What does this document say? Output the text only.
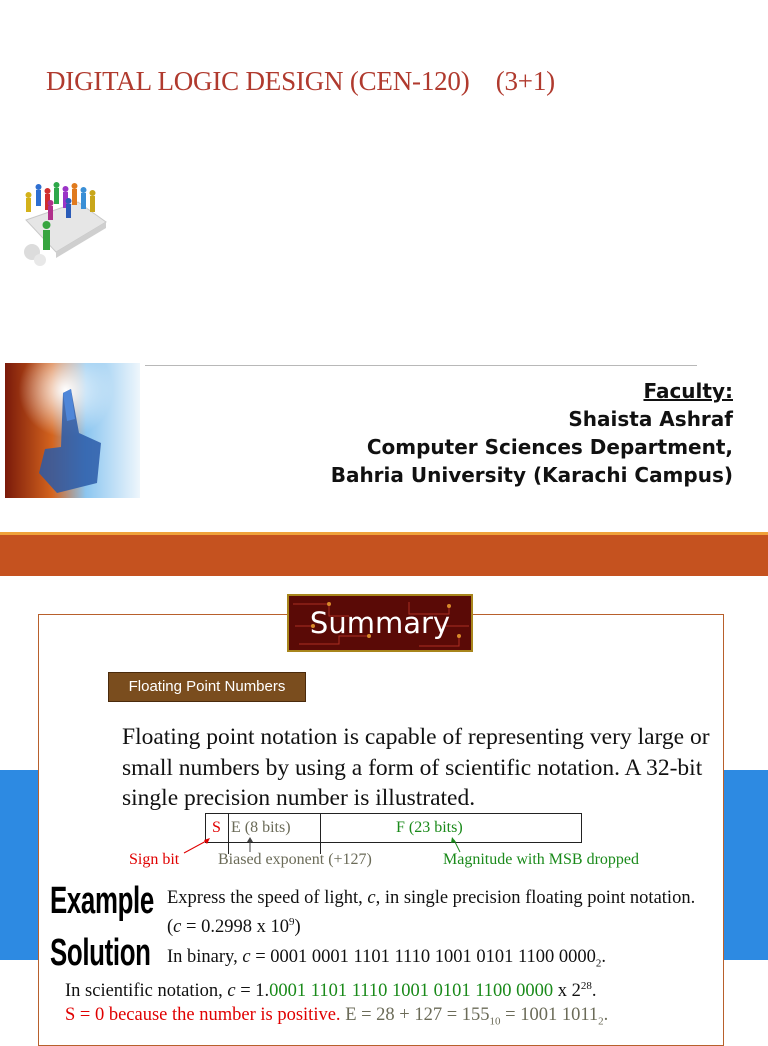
DIGITAL LOGIC DESIGN (CEN-120)    (3+1)
Faculty:
Shaista Ashraf
Computer Sciences Department,
Bahria University (Karachi Campus)
Summary
Floating Point Numbers
Floating point notation is capable of representing very large or small numbers by using a form of scientific notation. A 32-bit single precision number is illustrated.
S E (8 bits)	F (23 bits)
Sign bit Biased exponent (+127)	Magnitude with MSB dropped
Example
Solution
Express the speed of light, c, in single precision floating point notation. (c = 0.2998 x $10^9$)
In binary, c = 0001 0001 1101 1110 1001 0101 1100 $0000_2$.
In scientific notation, c = 1.0001 1101 1110 1001 0101 1100 0000 x $2^{28}$.
S = 0 because the number is positive. $E = 28 + 127 = 155_{10} = 1001$ $1011_2$.
